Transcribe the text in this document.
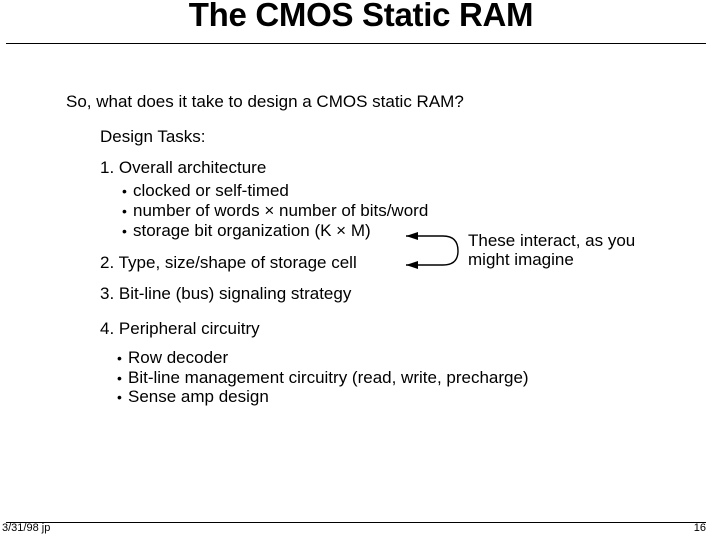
The CMOS Static RAM
So, what does it take to design a CMOS static RAM?
Design Tasks:
1. Overall architecture
• clocked or self-timed
• number of words × number of bits/word
• storage bit organization (K × M)
2. Type, size/shape of storage cell
3. Bit-line (bus) signaling strategy
4. Peripheral circuitry
• Row decoder
• Bit-line management circuitry (read, write, precharge)
• Sense amp design
These interact, as you might imagine
3/31/98 jp	16
